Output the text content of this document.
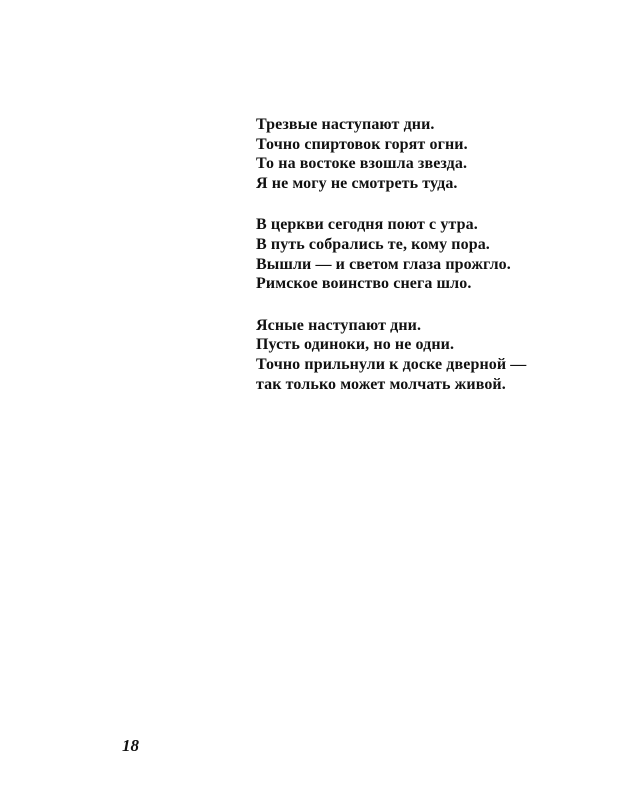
Трезвые наступают дни.
Точно спиртовок горят огни.
То на востоке взошла звезда.
Я не могу не смотреть туда.
В церкви сегодня поют с утра.
В путь собрались те, кому пора.
Вышли — и светом глаза прожгло.
Римское воинство снега шло.
Ясные наступают дни.
Пусть одиноки, но не одни.
Точно прильнули к доске дверной —
так только может молчать живой.
18
